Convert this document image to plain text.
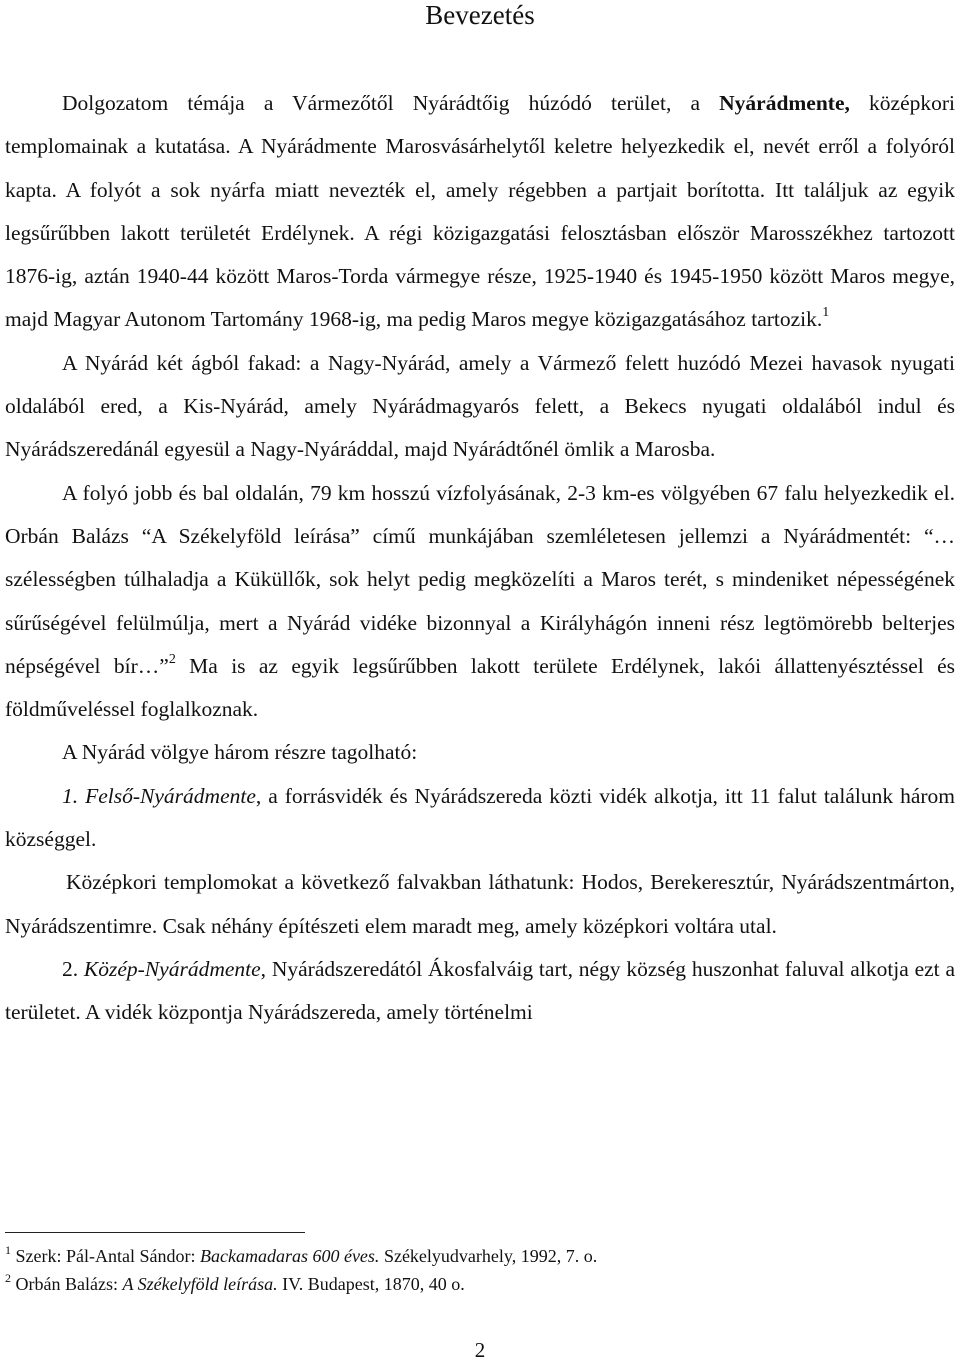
Bevezetés

Dolgozatom témája a Vármezőtől Nyárádtőig húzódó terület, a Nyárádmente, középkori templomainak a kutatása. A Nyárádmente Marosvásárhelytől keletre helyezkedik el, nevét erről a folyóról kapta. A folyót a sok nyárfa miatt nevezték el, amely régebben a partjait borította. Itt találjuk az egyik legsűrűbben lakott területét Erdélynek. A régi közigazgatási felosztásban először Marosszékhez tartozott 1876-ig, aztán 1940-44 között Maros-Torda vármegye része, 1925-1940 és 1945-1950 között Maros megye, majd Magyar Autonom Tartomány 1968-ig, ma pedig Maros megye közigazgatásához tartozik.$^1$

A Nyárád két ágból fakad: a Nagy-Nyárád, amely a Vármező felett huzódó Mezei havasok nyugati oldalából ered, a Kis-Nyárád, amely Nyárádmagyarós felett, a Bekecs nyugati oldalából indul és Nyárádszeredánál egyesül a Nagy-Nyáráddal, majd Nyárádtőnél ömlik a Marosba.

A folyó jobb és bal oldalán, 79 km hosszú vízfolyásának, 2-3 km-es völgyében 67 falu helyezkedik el. Orbán Balázs “A Székelyföld leírása” című munkájában szemléletesen jellemzi a Nyárádmentét: “…szélességben túlhaladja a Küküllők, sok helyt pedig megközelíti a Maros terét, s mindeniket népességének sűrűségével felülmúlja, mert a Nyárád vidéke bizonnyal a Királyhágón inneni rész legtömörebb belterjes népségével bír…”$^2$ Ma is az egyik legsűrűbben lakott területe Erdélynek, lakói állattenyésztéssel és földműveléssel foglalkoznak.

A Nyárád völgye három részre tagolható:

1. Felső-Nyárádmente, a forrásvidék és Nyárádszereda közti vidék alkotja, itt 11 falut találunk három községgel.

Középkori templomokat a következő falvakban láthatunk: Hodos, Berekeresztúr, Nyárádszentmárton, Nyárádszentimre. Csak néhány építészeti elem maradt meg, amely középkori voltára utal.

2. Közép-Nyárádmente, Nyárádszeredától Ákosfalváig tart, négy község huszonhat faluval alkotja ezt a területet. A vidék központja Nyárádszereda, amely történelmi

$^1$ Szerk: Pál-Antal Sándor: Backamadaras 600 éves. Székelyudvarhely, 1992, 7. o.
$^2$ Orbán Balázs: A Székelyföld leírása. IV. Budapest, 1870, 40 o.
2
